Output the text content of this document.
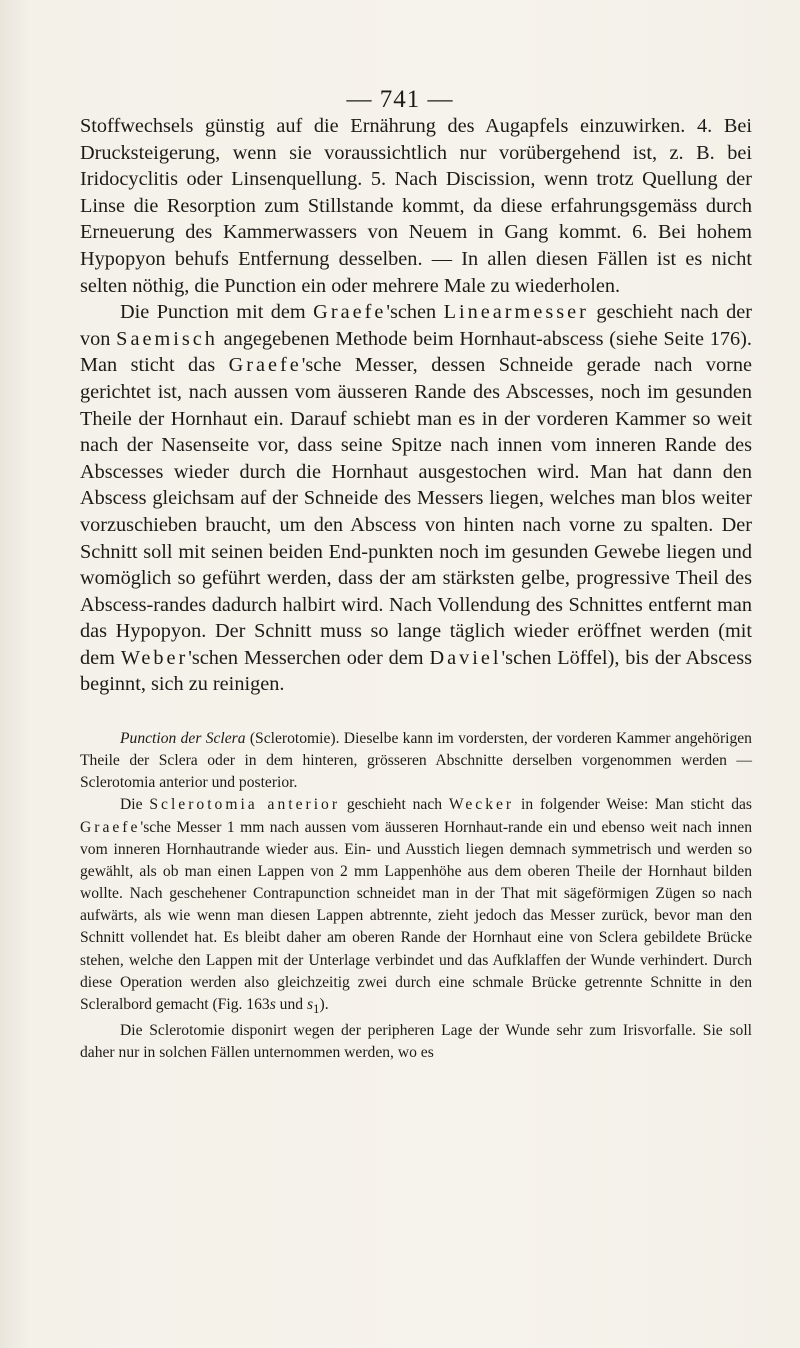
— 741 —

Stoffwechsels günstig auf die Ernährung des Augapfels einzuwirken. 4. Bei Drucksteigerung, wenn sie voraussichtlich nur vorübergehend ist, z. B. bei Iridocyclitis oder Linsenquellung. 5. Nach Discission, wenn trotz Quellung der Linse die Resorption zum Stillstande kommt, da diese erfahrungsgemäss durch Erneuerung des Kammerwassers von Neuem in Gang kommt. 6. Bei hohem Hypopyon behufs Entfernung desselben. — In allen diesen Fällen ist es nicht selten nöthig, die Punction ein oder mehrere Male zu wiederholen.

Die Punction mit dem Graefe'schen Linearmesser geschieht nach der von Saemisch angegebenen Methode beim Hornhaut-abscess (siehe Seite 176). Man sticht das Graefe'sche Messer, dessen Schneide gerade nach vorne gerichtet ist, nach aussen vom äusseren Rande des Abscesses, noch im gesunden Theile der Hornhaut ein. Darauf schiebt man es in der vorderen Kammer so weit nach der Nasenseite vor, dass seine Spitze nach innen vom inneren Rande des Abscesses wieder durch die Hornhaut ausgestochen wird. Man hat dann den Abscess gleichsam auf der Schneide des Messers liegen, welches man blos weiter vorzuschieben braucht, um den Abscess von hinten nach vorne zu spalten. Der Schnitt soll mit seinen beiden End-punkten noch im gesunden Gewebe liegen und womöglich so geführt werden, dass der am stärksten gelbe, progressive Theil des Abscess-randes dadurch halbirt wird. Nach Vollendung des Schnittes entfernt man das Hypopyon. Der Schnitt muss so lange täglich wieder eröffnet werden (mit dem Weber'schen Messerchen oder dem Daviel'schen Löffel), bis der Abscess beginnt, sich zu reinigen.

Punction der Sclera (Sclerotomie). Dieselbe kann im vordersten, der vorderen Kammer angehörigen Theile der Sclera oder in dem hinteren, grösseren Abschnitte derselben vorgenommen werden — Sclerotomia anterior und posterior.

Die Sclerotomia anterior geschieht nach Wecker in folgender Weise: Man sticht das Graefe'sche Messer 1 mm nach aussen vom äusseren Hornhaut-rande ein und ebenso weit nach innen vom inneren Hornhautrande wieder aus. Ein- und Ausstich liegen demnach symmetrisch und werden so gewählt, als ob man einen Lappen von 2 mm Lappenhöhe aus dem oberen Theile der Hornhaut bilden wollte. Nach geschehener Contrapunction schneidet man in der That mit sägeförmigen Zügen so nach aufwärts, als wie wenn man diesen Lappen abtrennte, zieht jedoch das Messer zurück, bevor man den Schnitt vollendet hat. Es bleibt daher am oberen Rande der Hornhaut eine von Sclera gebildete Brücke stehen, welche den Lappen mit der Unterlage verbindet und das Aufklaffen der Wunde verhindert. Durch diese Operation werden also gleichzeitig zwei durch eine schmale Brücke getrennte Schnitte in den Scleralbord gemacht (Fig. 163s und $s_1$).

Die Sclerotomie disponirt wegen der peripheren Lage der Wunde sehr zum Irisvorfalle. Sie soll daher nur in solchen Fällen unternommen werden, wo es
